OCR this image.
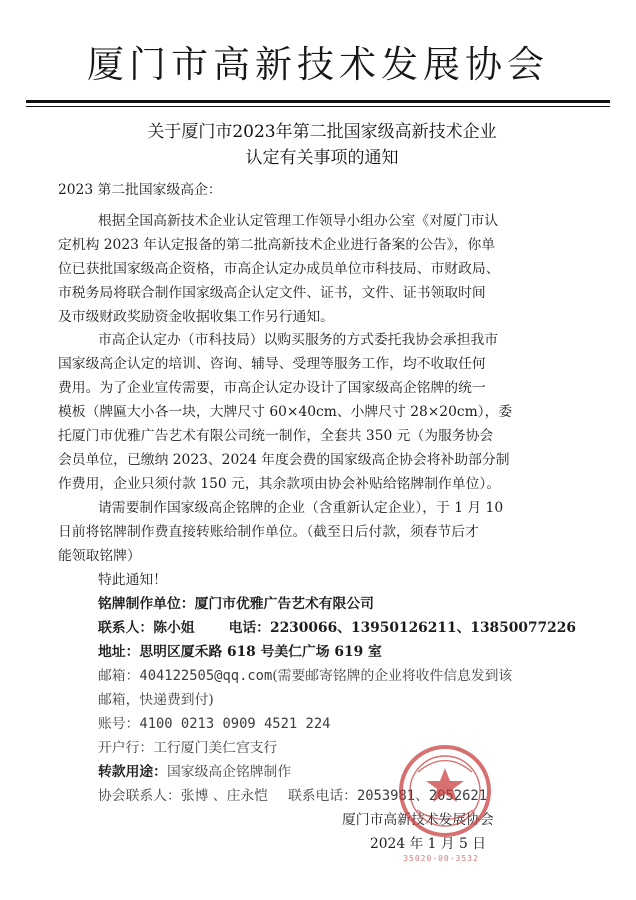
厦门市高新技术发展协会
关于厦门市2023年第二批国家级高新技术企业
认定有关事项的通知
2023 第二批国家级高企：
根据全国高新技术企业认定管理工作领导小组办公室《对厦门市认
定机构 2023 年认定报备的第二批高新技术企业进行备案的公告》，你单
位已获批国家级高企资格，市高企认定办成员单位市科技局、市财政局、
市税务局将联合制作国家级高企认定文件、证书，文件、证书领取时间
及市级财政奖励资金收据收集工作另行通知。
市高企认定办（市科技局）以购买服务的方式委托我协会承担我市
国家级高企认定的培训、咨询、辅导、受理等服务工作，均不收取任何
费用。为了企业宣传需要，市高企认定办设计了国家级高企铭牌的统一
模板（牌匾大小各一块，大牌尺寸 60×40cm、小牌尺寸 28×20cm），委
托厦门市优雅广告艺术有限公司统一制作，全套共 350 元（为服务协会
会员单位，已缴纳 2023、2024 年度会费的国家级高企协会将补助部分制
作费用，企业只须付款 150 元，其余款项由协会补贴给铭牌制作单位）。
请需要制作国家级高企铭牌的企业（含重新认定企业），于 1 月 10
日前将铭牌制作费直接转账给制作单位。（截至日后付款，须春节后才
能领取铭牌）
特此通知！
铭牌制作单位：厦门市优雅广告艺术有限公司
联系人：陈小姐 电话：2230066、13950126211、13850077226
地址：思明区厦禾路 618 号美仁广场 619 室
邮箱：404122505@qq.com(需要邮寄铭牌的企业将收件信息发到该
邮箱，快递费到付)
账号：4100 0213 0909 4521 224
开户行：工行厦门美仁宫支行
转款用途：国家级高企铭牌制作
协会联系人：张博 、庄永恺 联系电话：2053981、2052621
厦门市高新技术发展协会
2024 年 1 月 5 日
35020·00·3532
